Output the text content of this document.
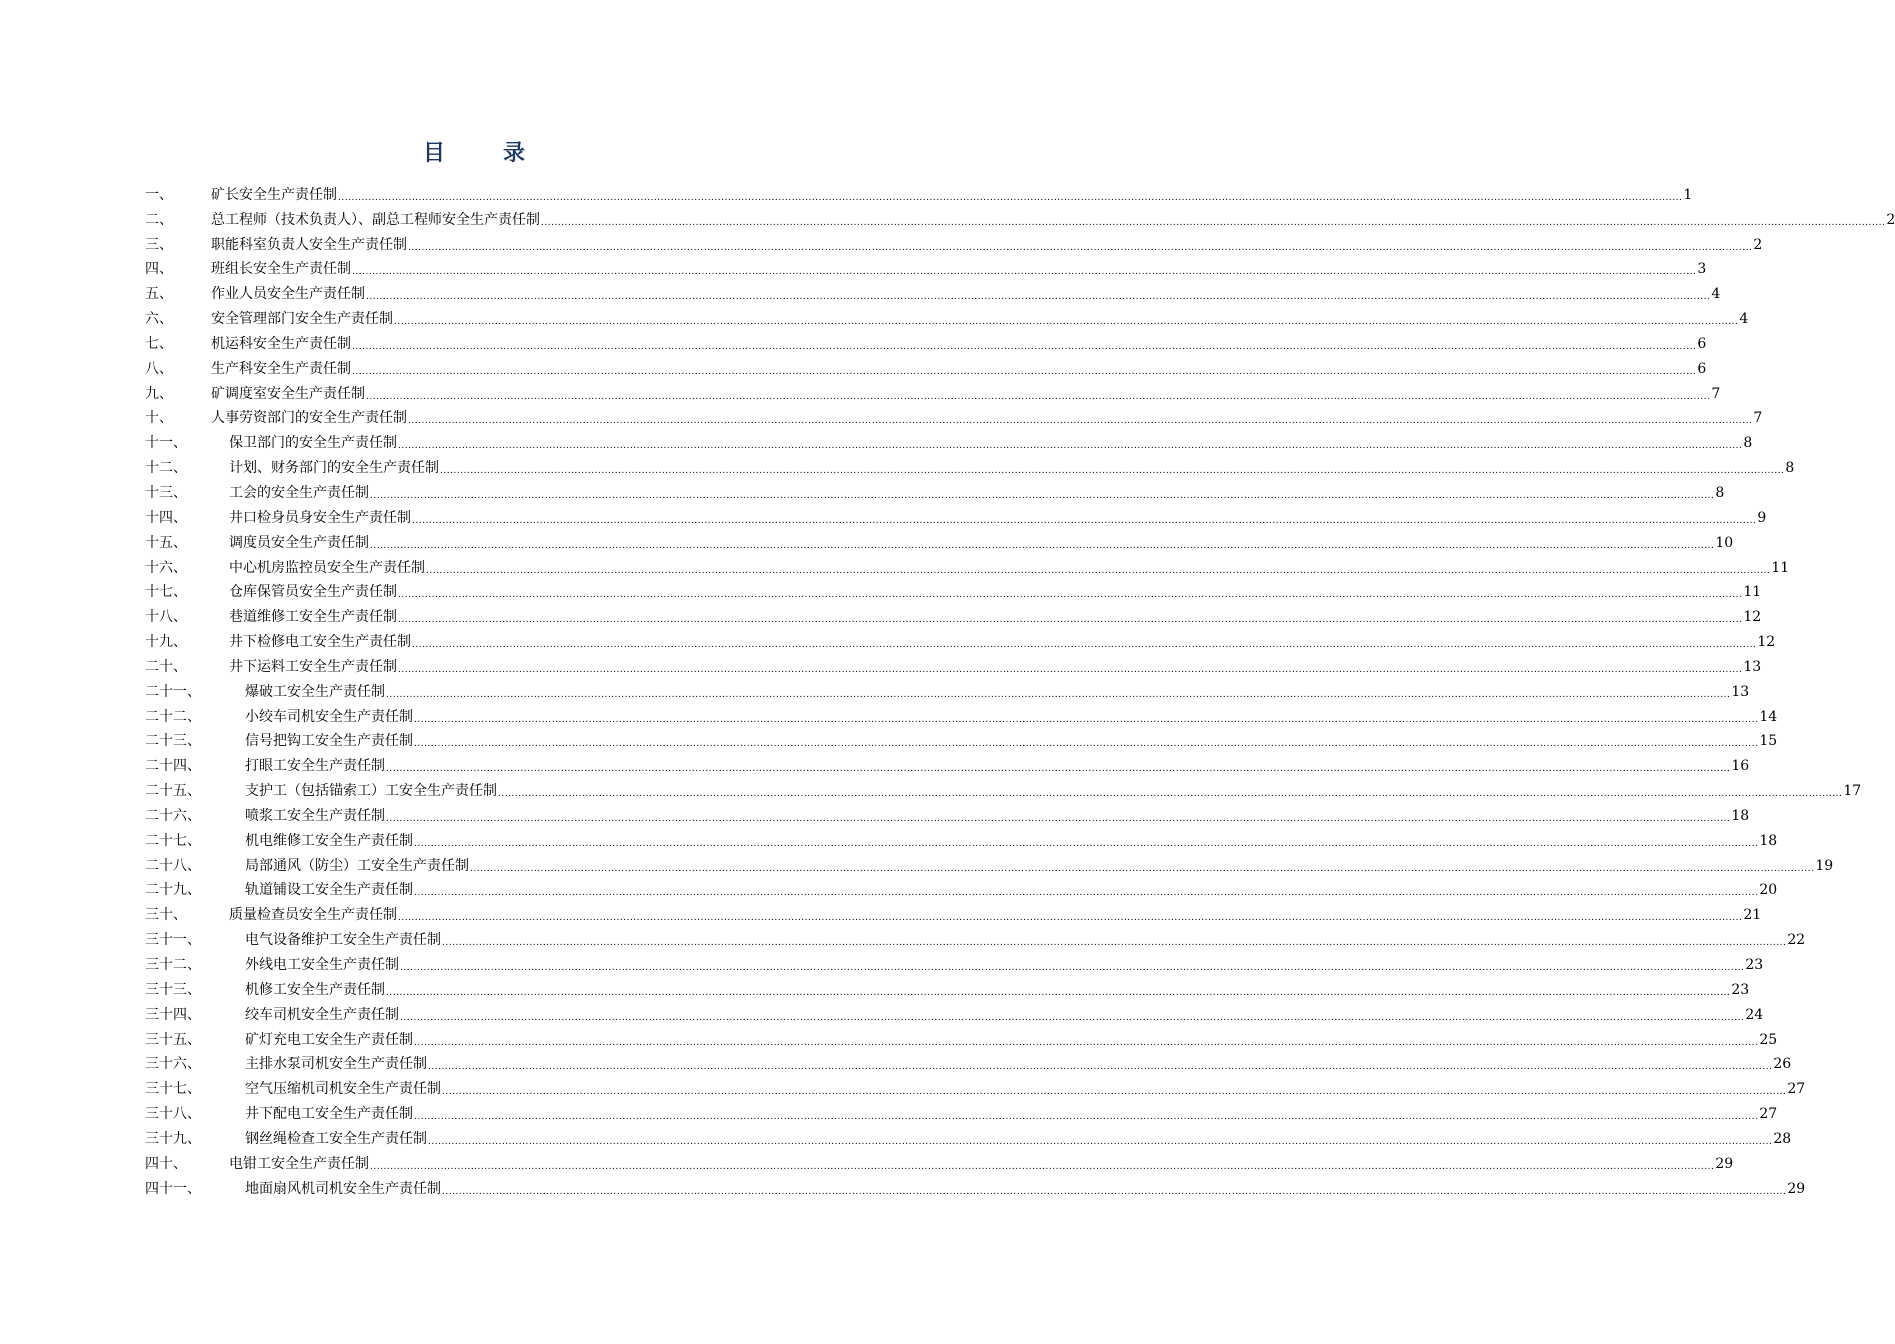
目	录
一、	矿长安全生产责任制 ................................................................................................................................................................................................................................................................................................................................................................................................................ 1
二、	总工程师（技术负责人）、副总工程师安全生产责任制 ................................................................................................................................................................................................................................................................................................................................................................................................................ 2
三、	职能科室负责人安全生产责任制 ................................................................................................................................................................................................................................................................................................................................................................................................................ 2
四、	班组长安全生产责任制 ................................................................................................................................................................................................................................................................................................................................................................................................................ 3
五、	作业人员安全生产责任制 ................................................................................................................................................................................................................................................................................................................................................................................................................ 4
六、	安全管理部门安全生产责任制 ................................................................................................................................................................................................................................................................................................................................................................................................................ 4
七、	机运科安全生产责任制 ................................................................................................................................................................................................................................................................................................................................................................................................................ 6
八、	生产科安全生产责任制 ................................................................................................................................................................................................................................................................................................................................................................................................................ 6
九、	矿调度室安全生产责任制 ................................................................................................................................................................................................................................................................................................................................................................................................................ 7
十、	人事劳资部门的安全生产责任制 ................................................................................................................................................................................................................................................................................................................................................................................................................ 7
十一、	保卫部门的安全生产责任制 ................................................................................................................................................................................................................................................................................................................................................................................................................ 8
十二、	计划、财务部门的安全生产责任制 ................................................................................................................................................................................................................................................................................................................................................................................................................ 8
十三、	工会的安全生产责任制 ................................................................................................................................................................................................................................................................................................................................................................................................................ 8
十四、	井口检身员身安全生产责任制 ................................................................................................................................................................................................................................................................................................................................................................................................................ 9
十五、	调度员安全生产责任制 ................................................................................................................................................................................................................................................................................................................................................................................................................ 10
十六、	中心机房监控员安全生产责任制 ................................................................................................................................................................................................................................................................................................................................................................................................................ 11
十七、	仓库保管员安全生产责任制 ................................................................................................................................................................................................................................................................................................................................................................................................................ 11
十八、	巷道维修工安全生产责任制 ................................................................................................................................................................................................................................................................................................................................................................................................................ 12
十九、	井下检修电工安全生产责任制 ................................................................................................................................................................................................................................................................................................................................................................................................................ 12
二十、	井下运料工安全生产责任制 ................................................................................................................................................................................................................................................................................................................................................................................................................ 13
二十一、	爆破工安全生产责任制 ................................................................................................................................................................................................................................................................................................................................................................................................................ 13
二十二、	小绞车司机安全生产责任制 ................................................................................................................................................................................................................................................................................................................................................................................................................ 14
二十三、	信号把钩工安全生产责任制 ................................................................................................................................................................................................................................................................................................................................................................................................................ 15
二十四、	打眼工安全生产责任制 ................................................................................................................................................................................................................................................................................................................................................................................................................ 16
二十五、	支护工（包括锚索工）工安全生产责任制 ................................................................................................................................................................................................................................................................................................................................................................................................................ 17
二十六、	喷浆工安全生产责任制 ................................................................................................................................................................................................................................................................................................................................................................................................................ 18
二十七、	机电维修工安全生产责任制 ................................................................................................................................................................................................................................................................................................................................................................................................................ 18
二十八、	局部通风（防尘）工安全生产责任制 ................................................................................................................................................................................................................................................................................................................................................................................................................ 19
二十九、	轨道铺设工安全生产责任制 ................................................................................................................................................................................................................................................................................................................................................................................................................ 20
三十、	质量检查员安全生产责任制 ................................................................................................................................................................................................................................................................................................................................................................................................................ 21
三十一、	电气设备维护工安全生产责任制 ................................................................................................................................................................................................................................................................................................................................................................................................................ 22
三十二、	外线电工安全生产责任制 ................................................................................................................................................................................................................................................................................................................................................................................................................ 23
三十三、	机修工安全生产责任制 ................................................................................................................................................................................................................................................................................................................................................................................................................ 23
三十四、	绞车司机安全生产责任制 ................................................................................................................................................................................................................................................................................................................................................................................................................ 24
三十五、	矿灯充电工安全生产责任制 ................................................................................................................................................................................................................................................................................................................................................................................................................ 25
三十六、	主排水泵司机安全生产责任制 ................................................................................................................................................................................................................................................................................................................................................................................................................ 26
三十七、	空气压缩机司机安全生产责任制 ................................................................................................................................................................................................................................................................................................................................................................................................................ 27
三十八、	井下配电工安全生产责任制 ................................................................................................................................................................................................................................................................................................................................................................................................................ 27
三十九、	钢丝绳检查工安全生产责任制 ................................................................................................................................................................................................................................................................................................................................................................................................................ 28
四十、	电钳工安全生产责任制 ................................................................................................................................................................................................................................................................................................................................................................................................................ 29
四十一、	地面扇风机司机安全生产责任制 ................................................................................................................................................................................................................................................................................................................................................................................................................ 29
